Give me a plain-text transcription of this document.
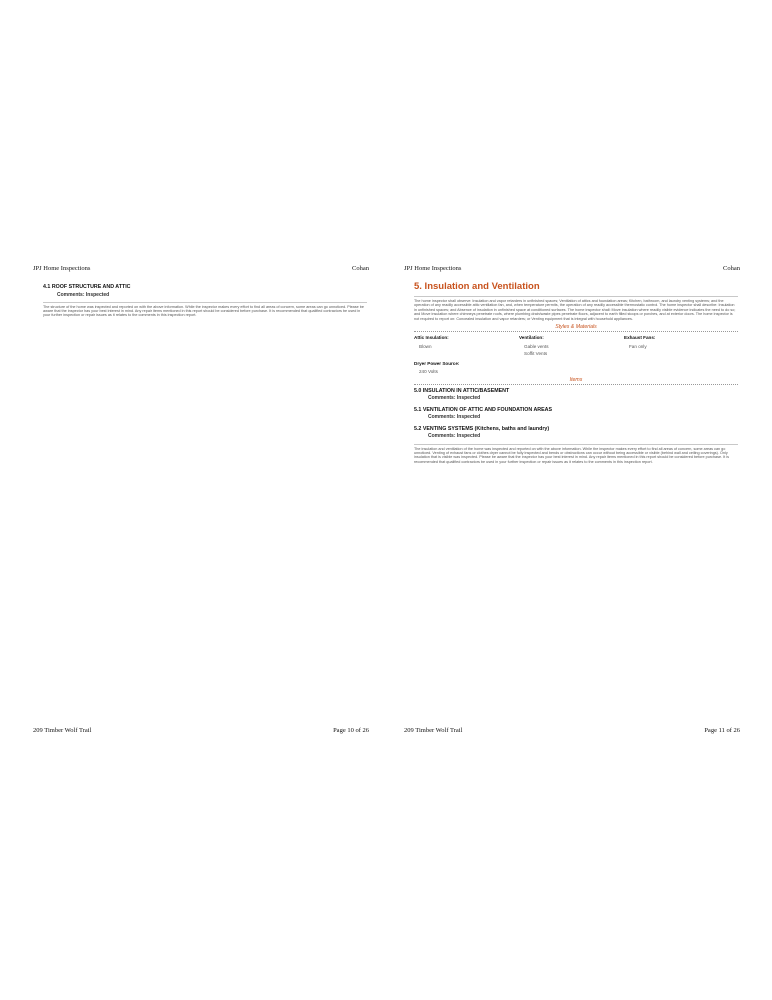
JPJ Home Inspections	Cohan
4.1 ROOF STRUCTURE AND ATTIC
Comments: Inspected

The structure of the home was inspected and reported on with the above information. While the inspector makes every effort to find all areas of concern, some areas can go unnoticed. Please be aware that the inspector has your best interest in mind. Any repair items mentioned in this report should be considered before purchase. It is recommended that qualified contractors be used in your further inspection or repair issues as it relates to the comments in this inspection report.

209 Timber Wolf Trail	Page 10 of 26
JPJ Home Inspections	Cohan
5. Insulation and Ventilation

The home inspector shall observe: Insulation and vapor retarders in unfinished spaces; Ventilation of attics and foundation areas; Kitchen, bathroom, and laundry venting systems; and the operation of any readily accessible attic ventilation fan, and, when temperature permits, the operation of any readily accessible thermostatic control. The home inspector shall describe: Insulation in unfinished spaces; and Absence of insulation in unfinished space at conditioned surfaces. The home inspector shall: Move insulation where readily visible evidence indicates the need to do so; and Move insulation where chimneys penetrate roofs, where plumbing drain/waste pipes penetrate floors, adjacent to earth filled stoops or porches, and at exterior doors. The home inspector is not required to report on: Concealed insulation and vapor retarders; or Venting equipment that is integral with household appliances.

Styles & Materials
Attic Insulation:
Blown
Ventilation:
Gable vents
Soffit Vents
Exhaust Fans:
Fan only
Dryer Power Source:
240 Volts
Items
5.0 INSULATION IN ATTIC/BASEMENT
Comments: Inspected
5.1 VENTILATION OF ATTIC AND FOUNDATION AREAS
Comments: Inspected
5.2 VENTING SYSTEMS (Kitchens, baths and laundry)
Comments: Inspected

The insulation and ventilation of the home was inspected and reported on with the above information. While the inspector makes every effort to find all areas of concern, some areas can go unnoticed. Venting of exhaust fans or clothes dryer cannot be fully inspected and bends or obstructions can occur without being accessible or visible (behind wall and ceiling coverings). Only insulation that is visible was inspected. Please be aware that the inspector has your best interest in mind. Any repair items mentioned in this report should be considered before purchase. It is recommended that qualified contractors be used in your further inspection or repair issues as it relates to the comments in this inspection report.

209 Timber Wolf Trail	Page 11 of 26
